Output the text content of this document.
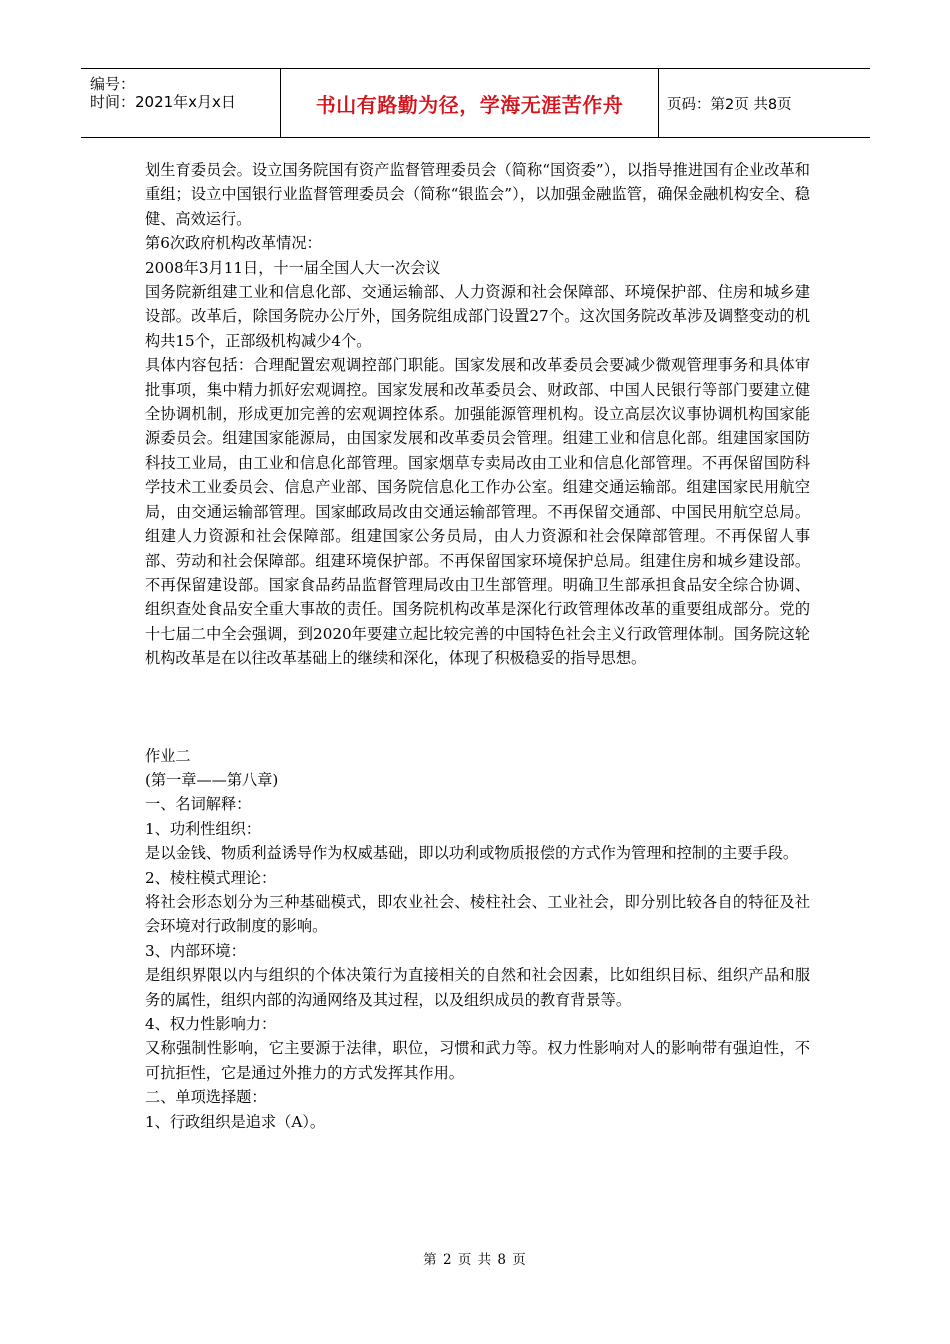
编号：
时间：2021年x月x日	书山有路勤为径，学海无涯苦作舟	页码：第2页 共8页

划生育委员会。设立国务院国有资产监督管理委员会（简称“国资委”），以指导推进国有企业改革和重组；设立中国银行业监督管理委员会（简称“银监会”），以加强金融监管，确保金融机构安全、稳健、高效运行。

第6次政府机构改革情况：

2008年3月11日，十一届全国人大一次会议

国务院新组建工业和信息化部、交通运输部、人力资源和社会保障部、环境保护部、住房和城乡建设部。改革后，除国务院办公厅外，国务院组成部门设置27个。这次国务院改革涉及调整变动的机构共15个，正部级机构减少4个。

具体内容包括：合理配置宏观调控部门职能。国家发展和改革委员会要减少微观管理事务和具体审批事项，集中精力抓好宏观调控。国家发展和改革委员会、财政部、中国人民银行等部门要建立健全协调机制，形成更加完善的宏观调控体系。加强能源管理机构。设立高层次议事协调机构国家能源委员会。组建国家能源局，由国家发展和改革委员会管理。组建工业和信息化部。组建国家国防科技工业局，由工业和信息化部管理。国家烟草专卖局改由工业和信息化部管理。不再保留国防科学技术工业委员会、信息产业部、国务院信息化工作办公室。组建交通运输部。组建国家民用航空局，由交通运输部管理。国家邮政局改由交通运输部管理。不再保留交通部、中国民用航空总局。组建人力资源和社会保障部。组建国家公务员局，由人力资源和社会保障部管理。不再保留人事部、劳动和社会保障部。组建环境保护部。不再保留国家环境保护总局。组建住房和城乡建设部。不再保留建设部。国家食品药品监督管理局改由卫生部管理。明确卫生部承担食品安全综合协调、组织查处食品安全重大事故的责任。国务院机构改革是深化行政管理体改革的重要组成部分。党的十七届二中全会强调，到2020年要建立起比较完善的中国特色社会主义行政管理体制。国务院这轮机构改革是在以往改革基础上的继续和深化，体现了积极稳妥的指导思想。

作业二

(第一章——第八章)

一、名词解释：

1、功利性组织：

是以金钱、物质利益诱导作为权威基础，即以功利或物质报偿的方式作为管理和控制的主要手段。

2、棱柱模式理论：

将社会形态划分为三种基础模式，即农业社会、棱柱社会、工业社会，即分别比较各自的特征及社会环境对行政制度的影响。

3、内部环境：

是组织界限以内与组织的个体决策行为直接相关的自然和社会因素，比如组织目标、组织产品和服务的属性，组织内部的沟通网络及其过程，以及组织成员的教育背景等。

4、权力性影响力：

又称强制性影响，它主要源于法律，职位，习惯和武力等。权力性影响对人的影响带有强迫性，不可抗拒性，它是通过外推力的方式发挥其作用。

二、单项选择题：

1、行政组织是追求（A）。

第 2 页 共 8 页
